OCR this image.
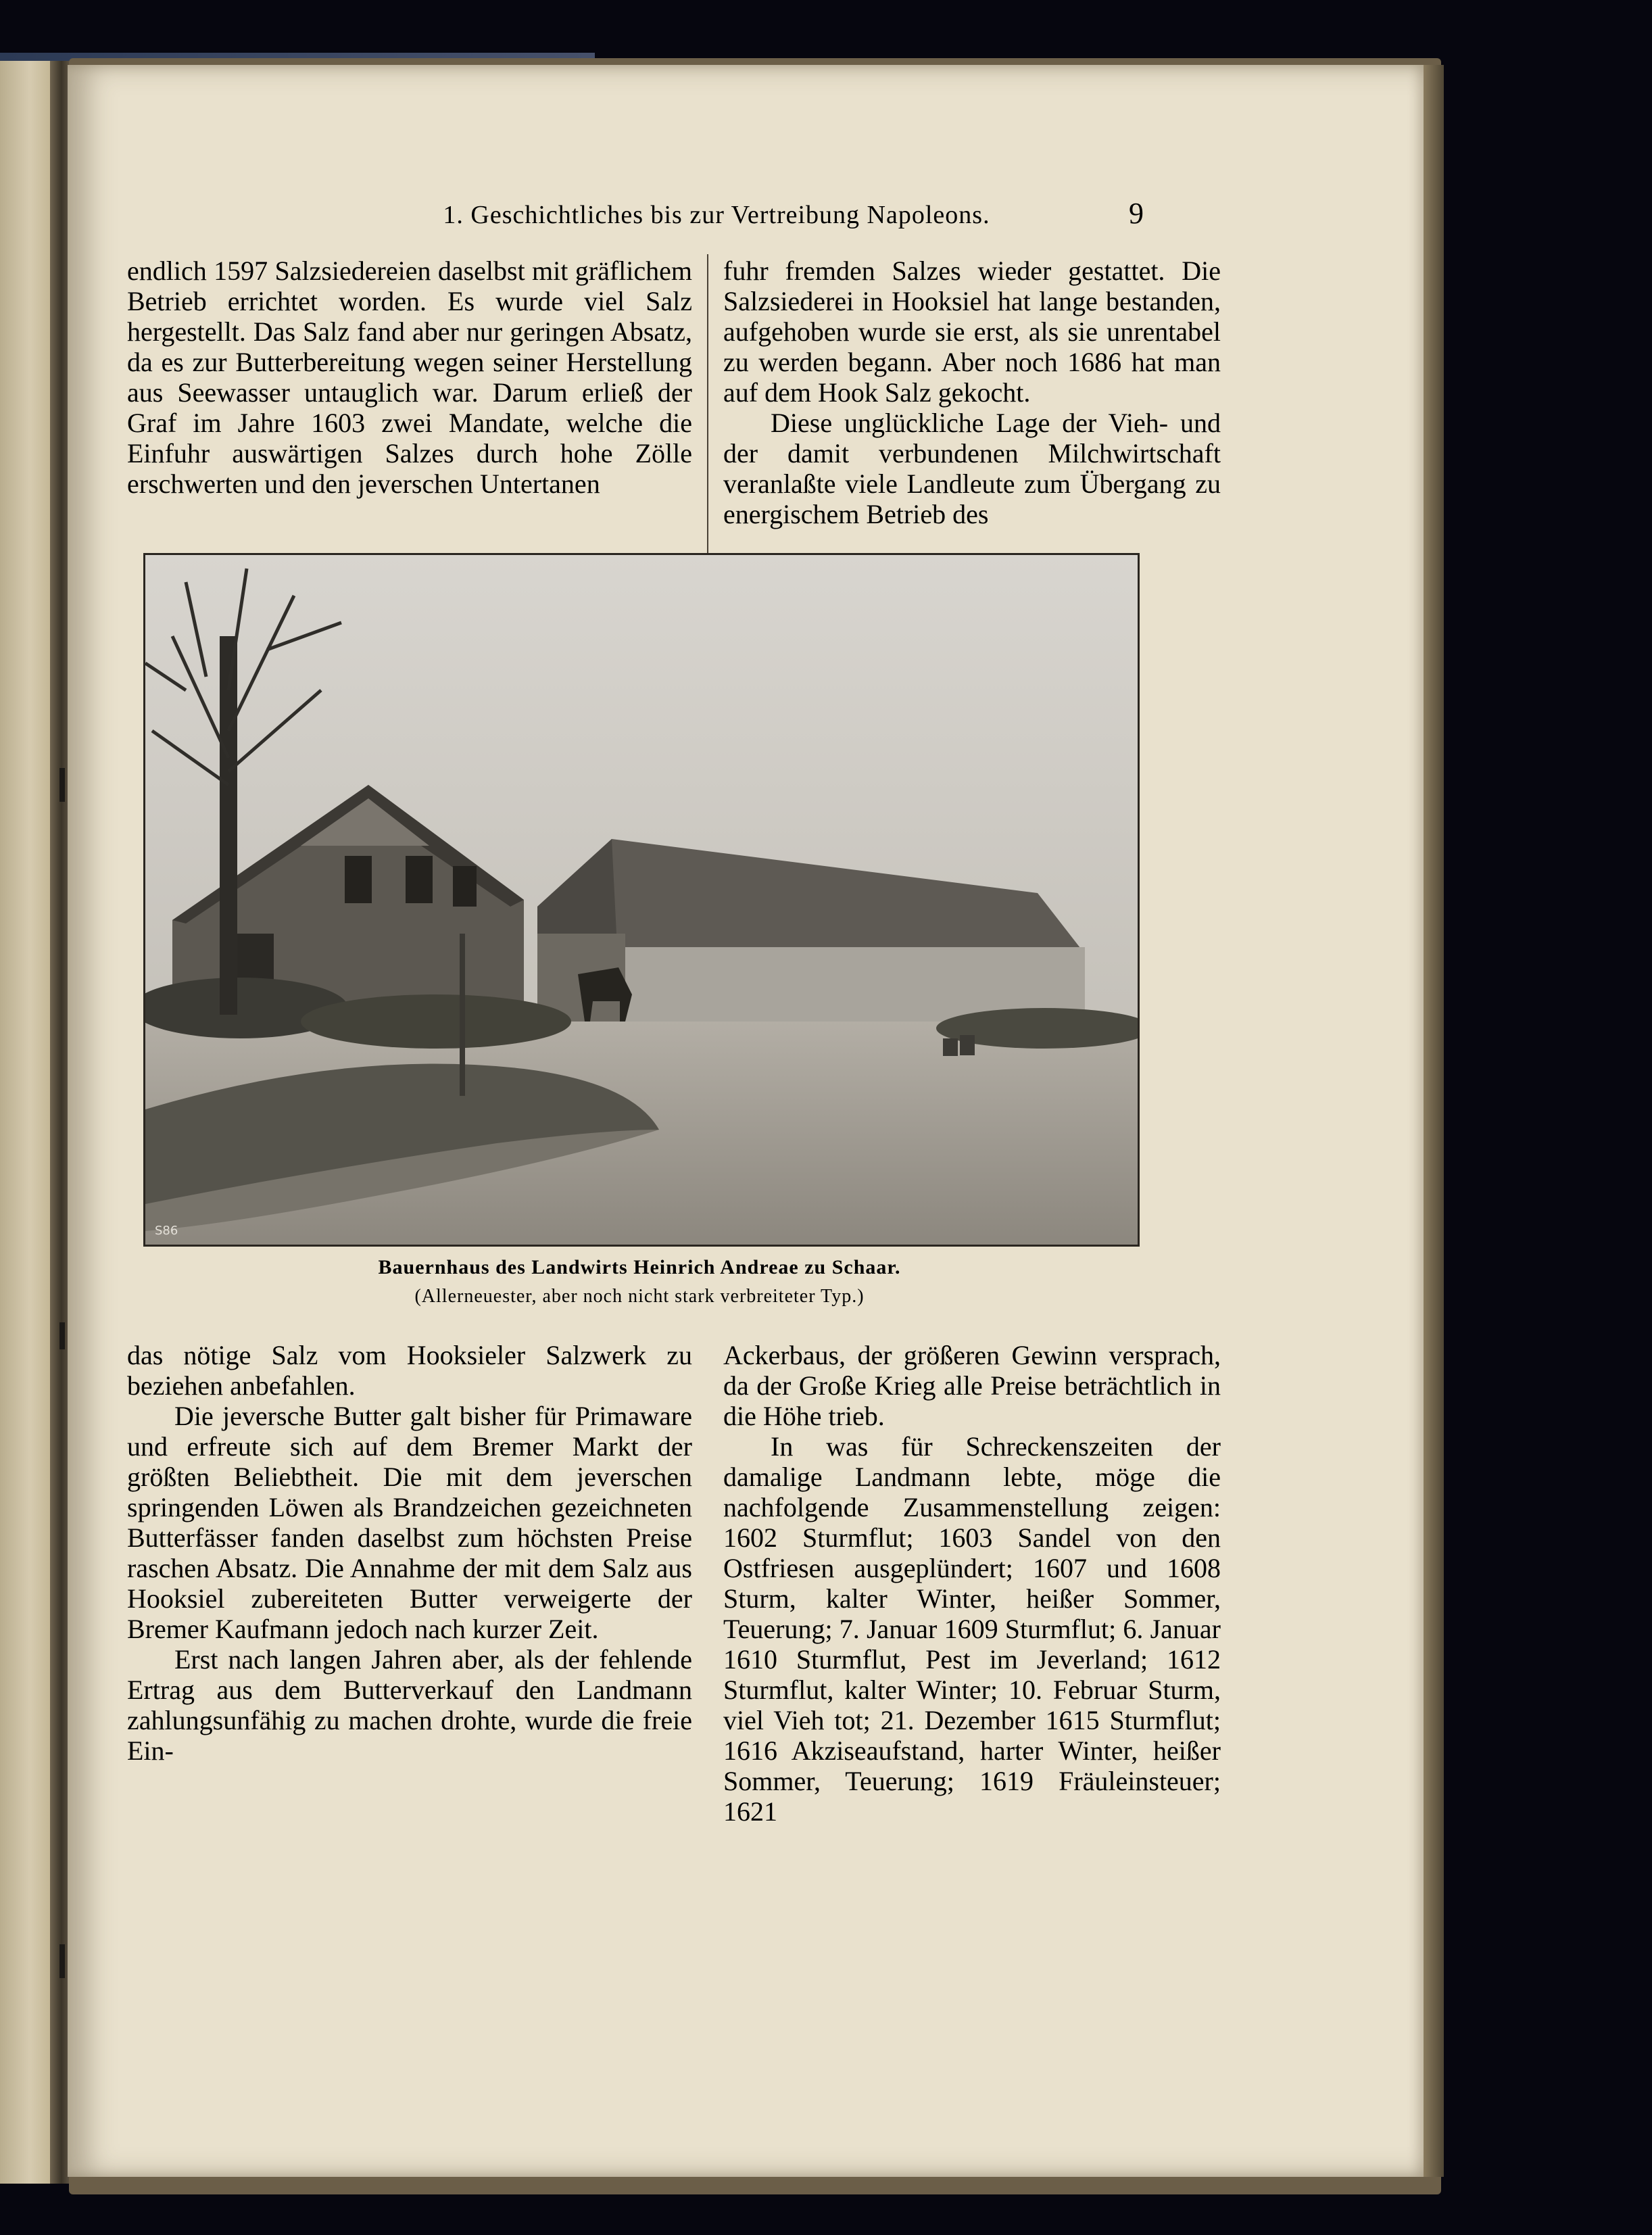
1. Geschichtliches bis zur Vertreibung Napoleons.	9

endlich 1597 Salzsiedereien daselbst mit gräflichem Betrieb errichtet worden. Es wurde viel Salz hergestellt. Das Salz fand aber nur geringen Absatz, da es zur Butterbereitung wegen seiner Herstellung aus Seewasser untauglich war. Darum erließ der Graf im Jahre 1603 zwei Mandate, welche die Einfuhr auswärtigen Salzes durch hohe Zölle erschwerten und den jeverschen Untertanen

fuhr fremden Salzes wieder gestattet. Die Salzsiederei in Hooksiel hat lange bestanden, aufgehoben wurde sie erst, als sie unrentabel zu werden begann. Aber noch 1686 hat man auf dem Hook Salz gekocht.

Diese unglückliche Lage der Vieh- und der damit verbundenen Milchwirtschaft veranlaßte viele Landleute zum Übergang zu energischem Betrieb des

S86
Bauernhaus des Landwirts Heinrich Andreae zu Schaar.
(Allerneuester, aber noch nicht stark verbreiteter Typ.)

das nötige Salz vom Hooksieler Salzwerk zu beziehen anbefahlen.

Die jeversche Butter galt bisher für Primaware und erfreute sich auf dem Bremer Markt der größten Beliebtheit. Die mit dem jeverschen springenden Löwen als Brandzeichen gezeichneten Butterfässer fanden daselbst zum höchsten Preise raschen Absatz. Die Annahme der mit dem Salz aus Hooksiel zubereiteten Butter verweigerte der Bremer Kaufmann jedoch nach kurzer Zeit.

Erst nach langen Jahren aber, als der fehlende Ertrag aus dem Butterverkauf den Landmann zahlungsunfähig zu machen drohte, wurde die freie Ein-

Ackerbaus, der größeren Gewinn versprach, da der Große Krieg alle Preise beträchtlich in die Höhe trieb.

In was für Schreckenszeiten der damalige Landmann lebte, möge die nachfolgende Zusammenstellung zeigen: 1602 Sturmflut; 1603 Sandel von den Ostfriesen ausgeplündert; 1607 und 1608 Sturm, kalter Winter, heißer Sommer, Teuerung; 7. Januar 1609 Sturmflut; 6. Januar 1610 Sturmflut, Pest im Jeverland; 1612 Sturmflut, kalter Winter; 10. Februar Sturm, viel Vieh tot; 21. Dezember 1615 Sturmflut; 1616 Akziseaufstand, harter Winter, heißer Sommer, Teuerung; 1619 Fräuleinsteuer; 1621
